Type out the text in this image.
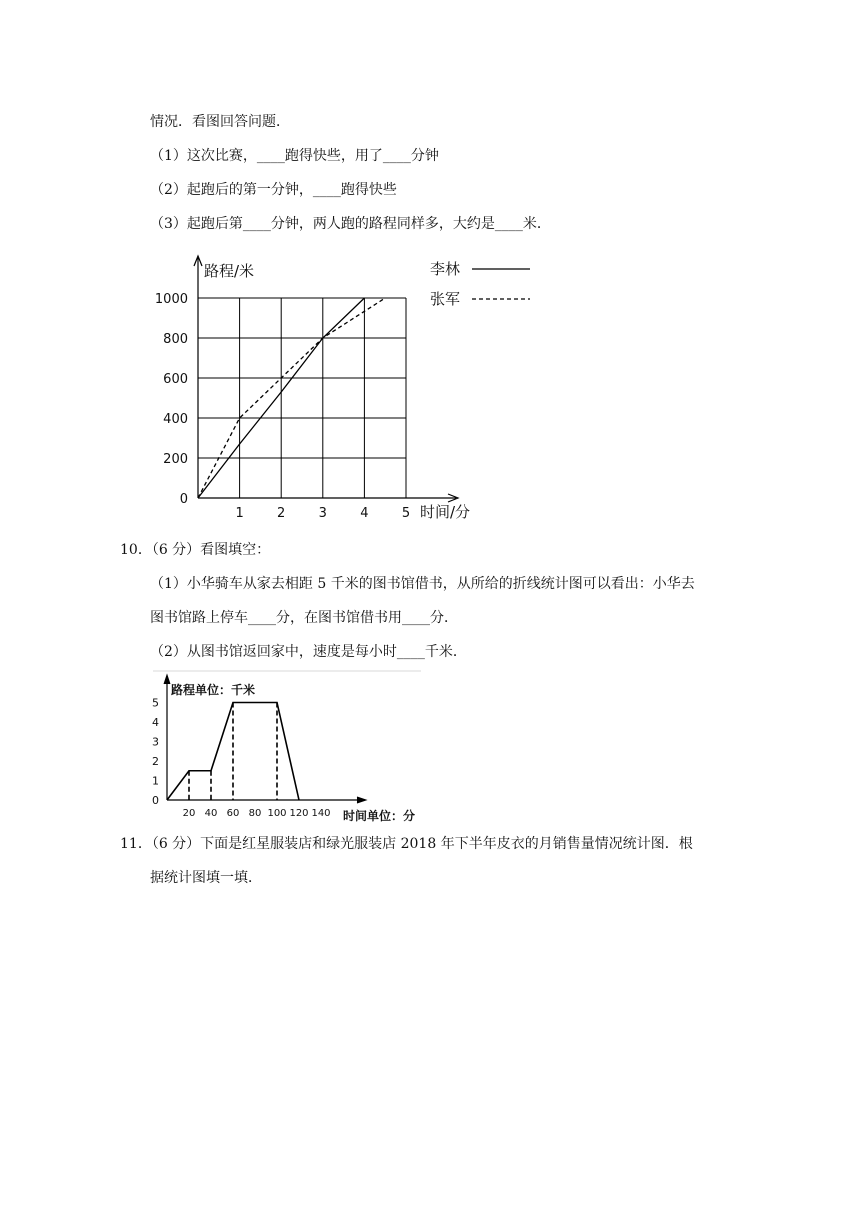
情况．看图回答问题．
（1）这次比赛，____跑得快些，用了____分钟
（2）起跑后的第一分钟，____跑得快些
（3）起跑后第____分钟，两人跑的路程同样多，大约是____米．
路程/米
时间/分
1	2	3	4	5
0
200
400
600
800
1000
李林
张军
10．（6 分）看图填空：
（1）小华骑车从家去相距 5 千米的图书馆借书，从所给的折线统计图可以看出：小华去
图书馆路上停车____分，在图书馆借书用____分．
（2）从图书馆返回家中，速度是每小时____千米．
路程单位：千米
时间单位：分
20 40 60 80 100 120 140
0
1
2
3
4
5
11．（6 分）下面是红星服装店和绿光服装店 2018 年下半年皮衣的月销售量情况统计图．根
据统计图填一填．
